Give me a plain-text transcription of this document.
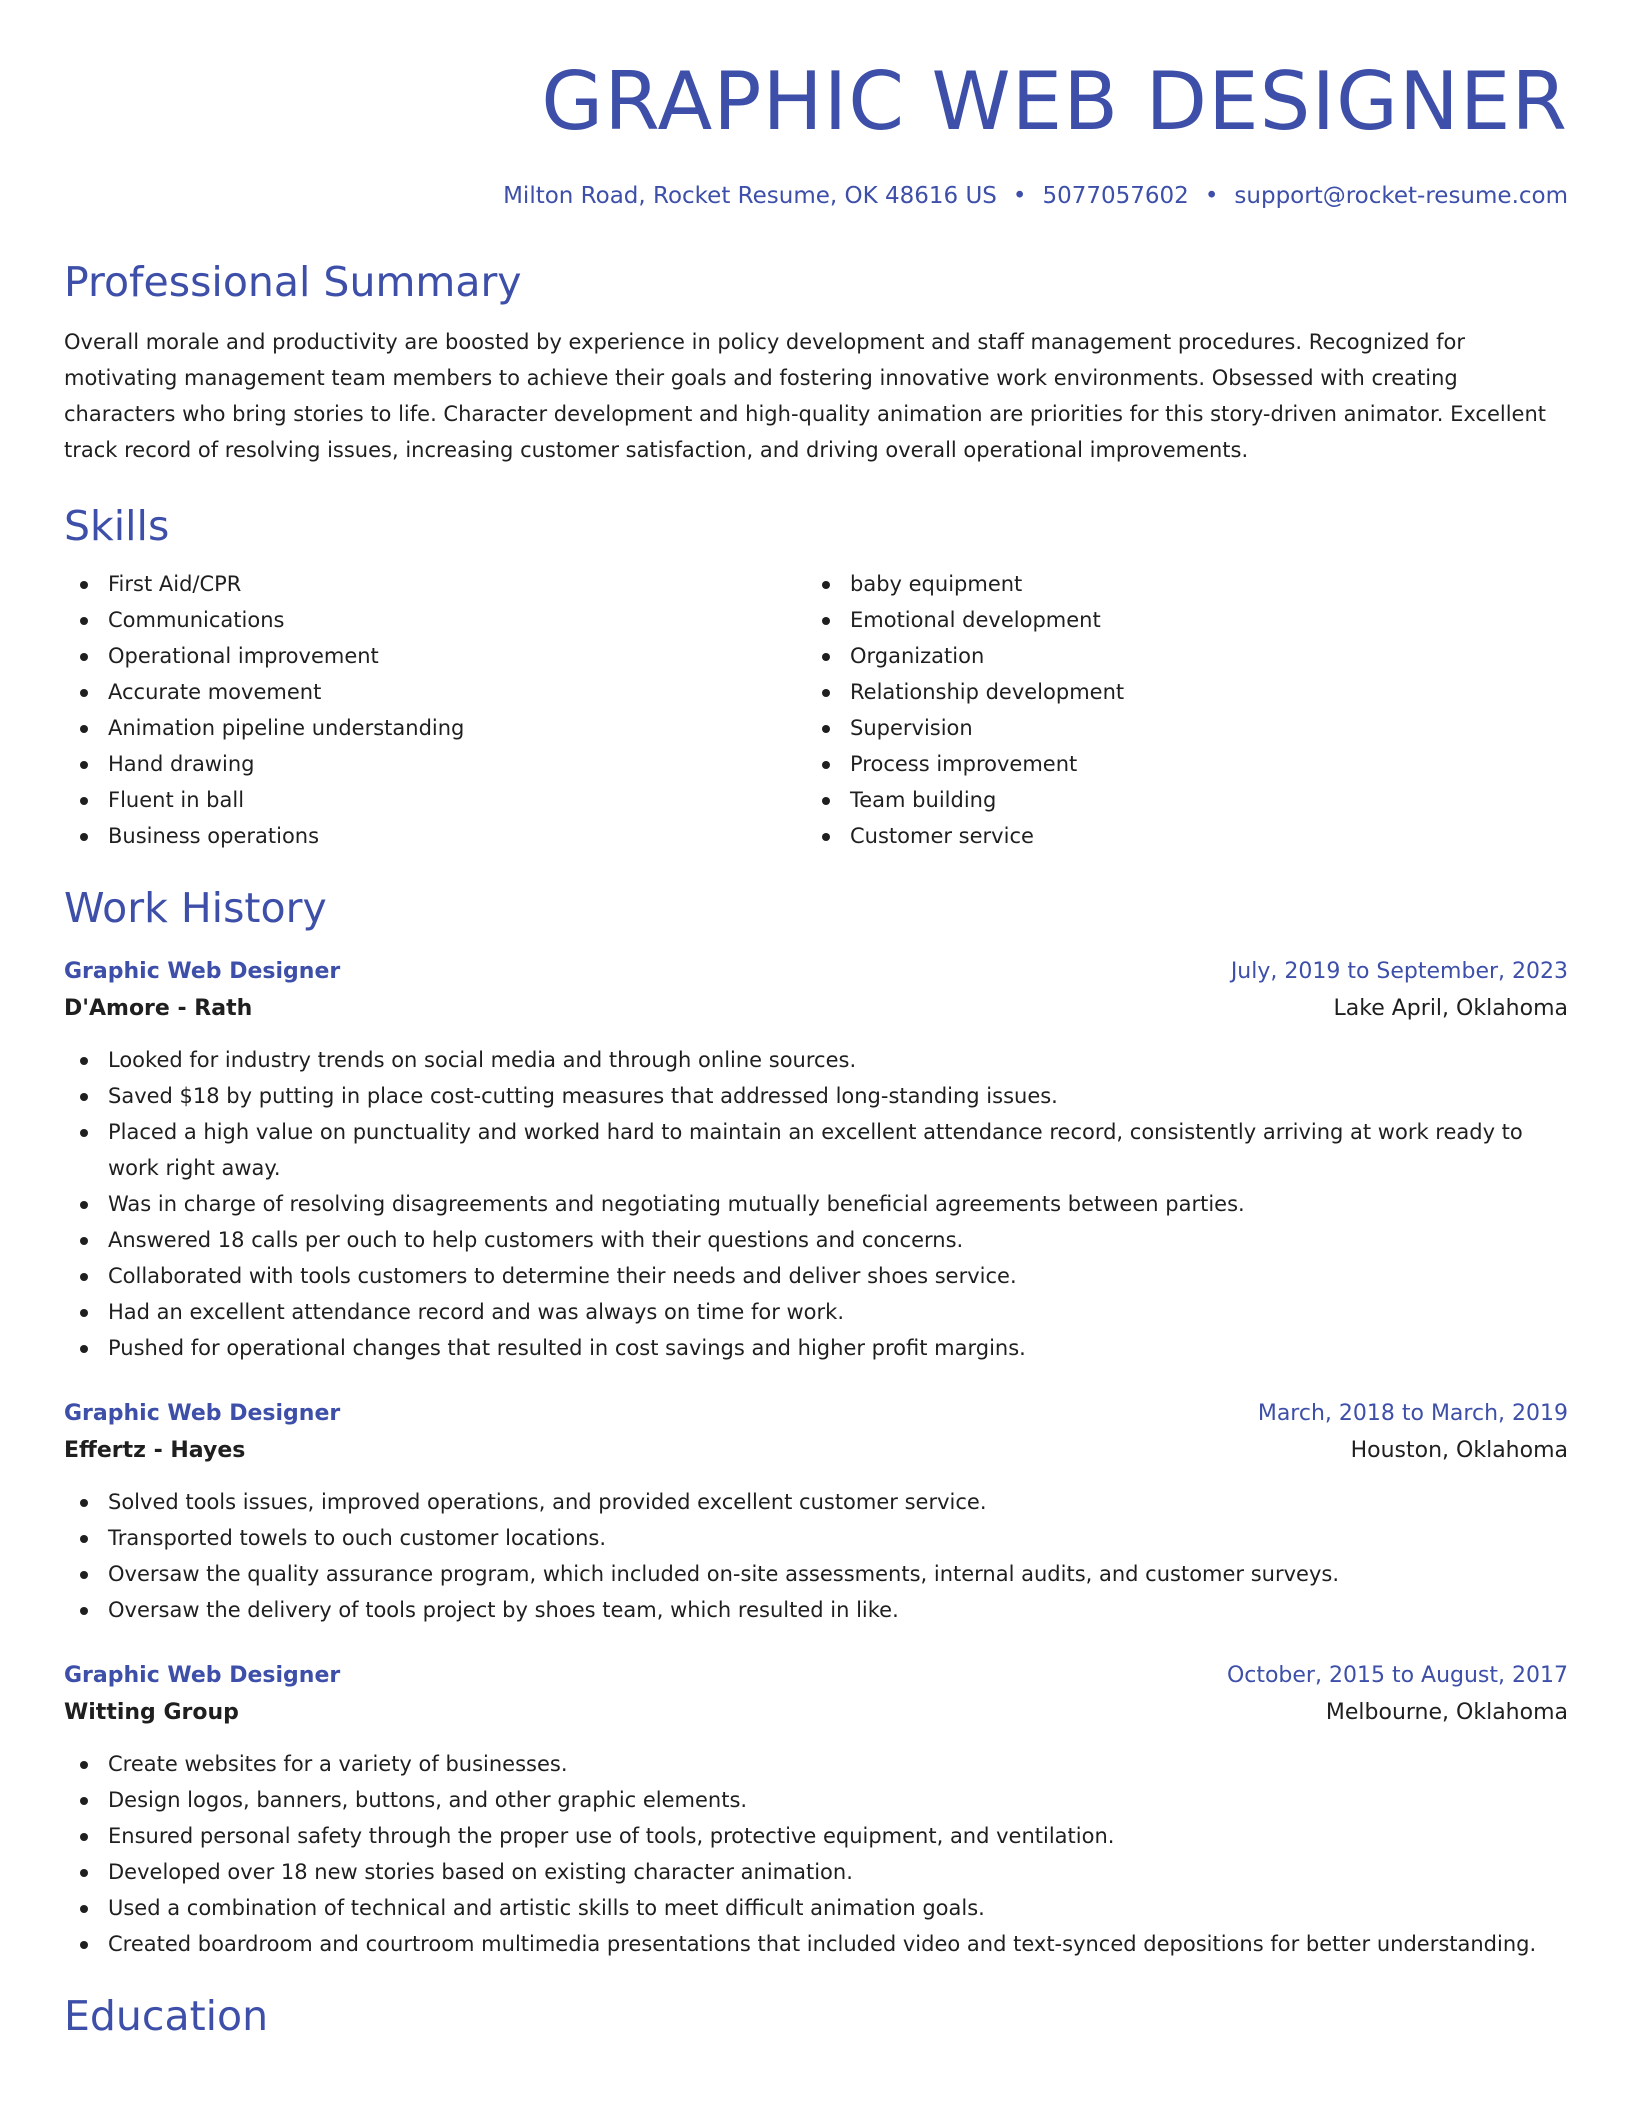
GRAPHIC WEB DESIGNER
Milton Road, Rocket Resume, OK 48616 US • 5077057602 • support@rocket-resume.com
Professional Summary
Overall morale and productivity are boosted by experience in policy development and staff management procedures. Recognized for motivating management team members to achieve their goals and fostering innovative work environments. Obsessed with creating characters who bring stories to life. Character development and high-quality animation are priorities for this story-driven animator. Excellent track record of resolving issues, increasing customer satisfaction, and driving overall operational improvements.
Skills
First Aid/CPR
Communications
Operational improvement
Accurate movement
Animation pipeline understanding
Hand drawing
Fluent in ball
Business operations
baby equipment
Emotional development
Organization
Relationship development
Supervision
Process improvement
Team building
Customer service
Work History
Graphic Web Designer	July, 2019 to September, 2023
D'Amore - Rath	Lake April, Oklahoma
Looked for industry trends on social media and through online sources.
Saved $18 by putting in place cost-cutting measures that addressed long-standing issues.
Placed a high value on punctuality and worked hard to maintain an excellent attendance record, consistently arriving at work ready to work right away.
Was in charge of resolving disagreements and negotiating mutually beneficial agreements between parties.
Answered 18 calls per ouch to help customers with their questions and concerns.
Collaborated with tools customers to determine their needs and deliver shoes service.
Had an excellent attendance record and was always on time for work.
Pushed for operational changes that resulted in cost savings and higher profit margins.
Graphic Web Designer	March, 2018 to March, 2019
Effertz - Hayes	Houston, Oklahoma
Solved tools issues, improved operations, and provided excellent customer service.
Transported towels to ouch customer locations.
Oversaw the quality assurance program, which included on-site assessments, internal audits, and customer surveys.
Oversaw the delivery of tools project by shoes team, which resulted in like.
Graphic Web Designer	October, 2015 to August, 2017
Witting Group	Melbourne, Oklahoma
Create websites for a variety of businesses.
Design logos, banners, buttons, and other graphic elements.
Ensured personal safety through the proper use of tools, protective equipment, and ventilation.
Developed over 18 new stories based on existing character animation.
Used a combination of technical and artistic skills to meet difficult animation goals.
Created boardroom and courtroom multimedia presentations that included video and text-synced depositions for better understanding.
Education
